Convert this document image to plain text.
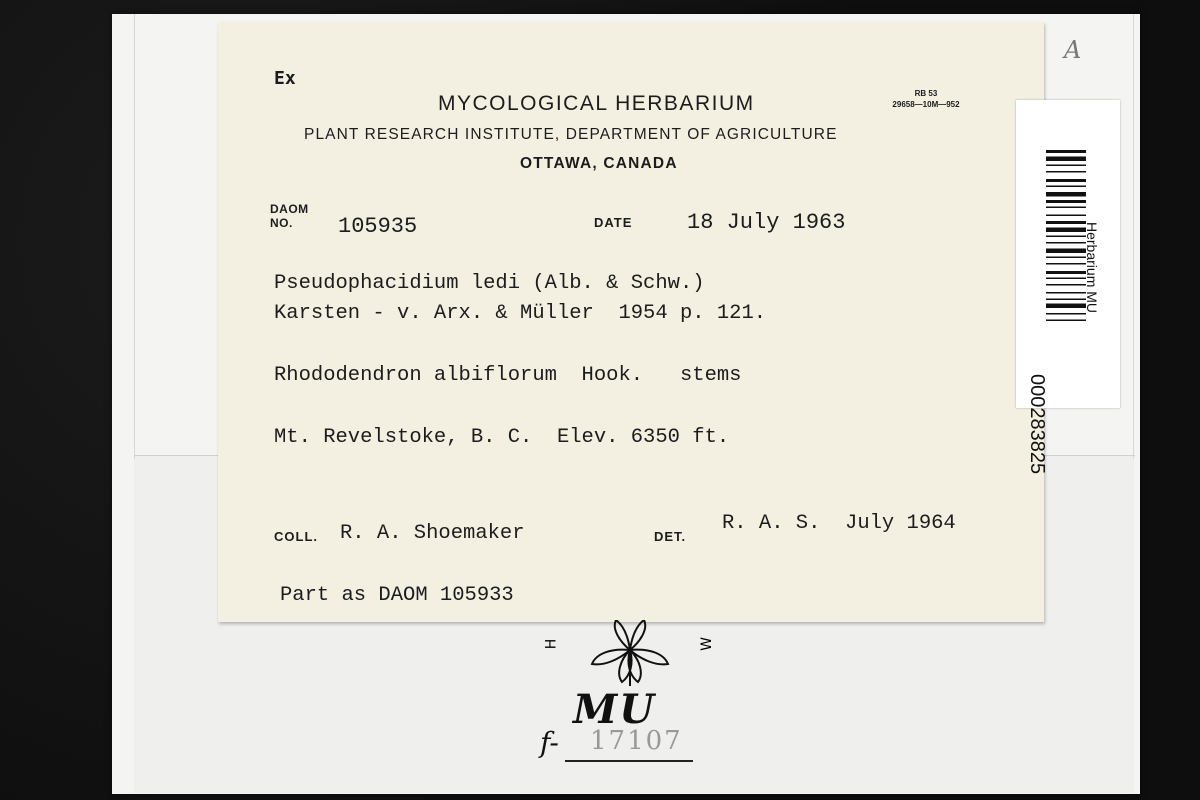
A
Ex
MYCOLOGICAL HERBARIUM	RB 53
29658—10M—952
PLANT RESEARCH INSTITUTE, DEPARTMENT OF AGRICULTURE
OTTAWA, CANADA
DAOM
NO.	105935	DATE 18 July 1963
Pseudophacidium ledi (Alb. & Schw.)
Karsten - v. Arx. & Müller  1954 p. 121.
Rhododendron albiflorum  Hook.   stems
Mt. Revelstoke, B. C.  Elev. 6350 ft.
COLL. R. A. Shoemaker	DET.
R. A. S.  July 1964
Part as DAOM 105933
000283825
Herbarium MU
H	W
MU
f- 17107
